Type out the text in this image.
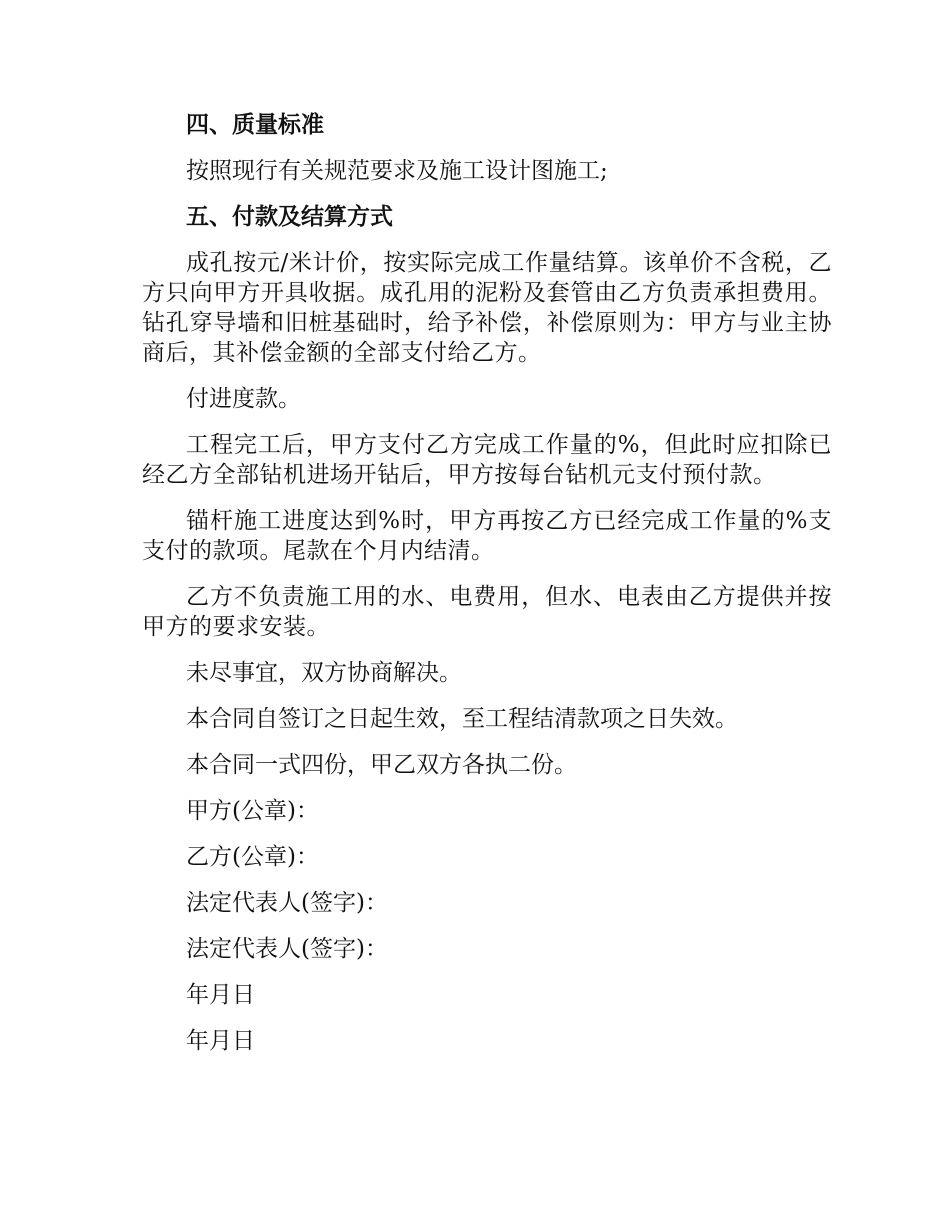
四、质量标准
按照现行有关规范要求及施工设计图施工;
五、付款及结算方式
成孔按元/米计价，按实际完成工作量结算。该单价不含税，乙方只向甲方开具收据。成孔用的泥粉及套管由乙方负责承担费用。钻孔穿导墙和旧桩基础时，给予补偿，补偿原则为：甲方与业主协商后，其补偿金额的全部支付给乙方。
付进度款。
工程完工后，甲方支付乙方完成工作量的%，但此时应扣除已经乙方全部钻机进场开钻后，甲方按每台钻机元支付预付款。
锚杆施工进度达到%时，甲方再按乙方已经完成工作量的%支支付的款项。尾款在个月内结清。
乙方不负责施工用的水、电费用，但水、电表由乙方提供并按甲方的要求安装。
未尽事宜，双方协商解决。
本合同自签订之日起生效，至工程结清款项之日失效。
本合同一式四份，甲乙双方各执二份。
甲方(公章)：
乙方(公章)：
法定代表人(签字)：
法定代表人(签字)：
年月日
年月日
